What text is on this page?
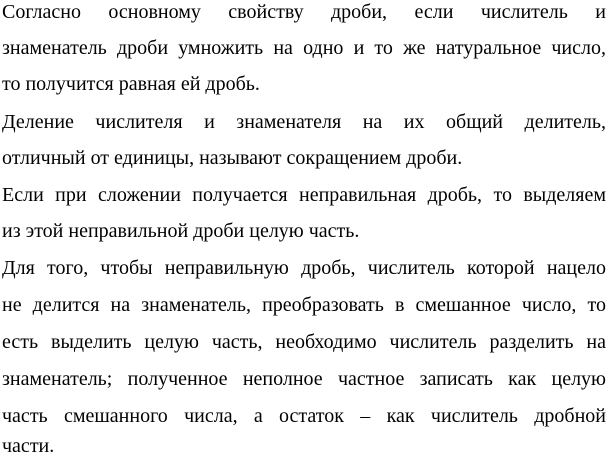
Согласно основному свойству дроби, если числитель и
знаменатель дроби умножить на одно и то же натуральное число,
то получится равная ей дробь.
Деление числителя и знаменателя на их общий делитель,
отличный от единицы, называют сокращением дроби.
Если при сложении получается неправильная дробь, то выделяем
из этой неправильной дроби целую часть.
Для того, чтобы неправильную дробь, числитель которой нацело
не делится на знаменатель, преобразовать в смешанное число, то
есть выделить целую часть, необходимо числитель разделить на
знаменатель; полученное неполное частное записать как целую
часть смешанного числа, а остаток – как числитель дробной
части.
